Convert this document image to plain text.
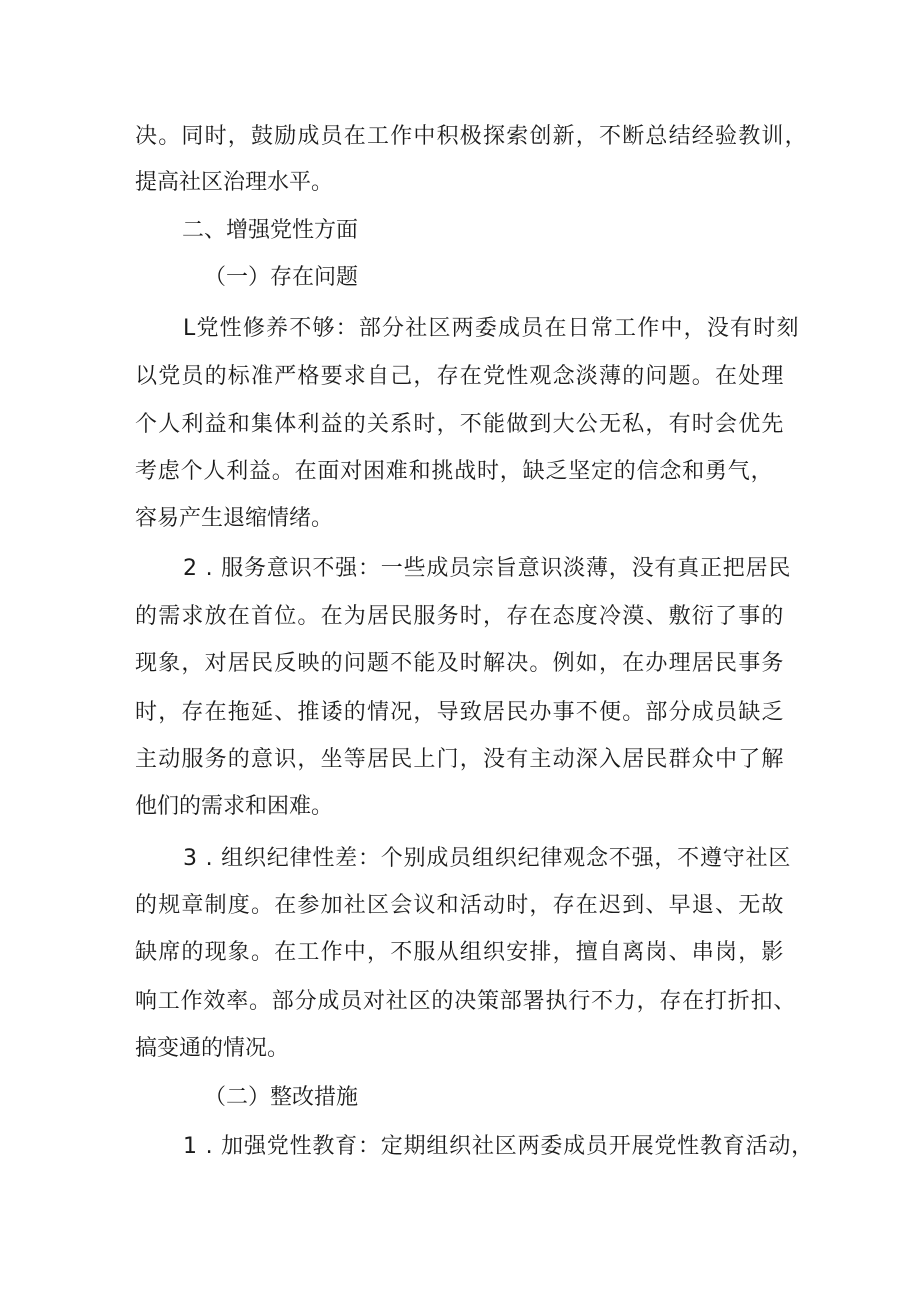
决。同时，鼓励成员在工作中积极探索创新，不断总结经验教训，
提高社区治理水平。
二、增强党性方面
（一）存在问题
L党性修养不够：部分社区两委成员在日常工作中，没有时刻
以党员的标准严格要求自己，存在党性观念淡薄的问题。在处理
个人利益和集体利益的关系时，不能做到大公无私，有时会优先
考虑个人利益。在面对困难和挑战时，缺乏坚定的信念和勇气，
容易产生退缩情绪。
2 . 服务意识不强：一些成员宗旨意识淡薄，没有真正把居民
的需求放在首位。在为居民服务时，存在态度冷漠、敷衍了事的
现象，对居民反映的问题不能及时解决。例如，在办理居民事务
时，存在拖延、推诿的情况，导致居民办事不便。部分成员缺乏
主动服务的意识，坐等居民上门，没有主动深入居民群众中了解
他们的需求和困难。
3 . 组织纪律性差：个别成员组织纪律观念不强，不遵守社区
的规章制度。在参加社区会议和活动时，存在迟到、早退、无故
缺席的现象。在工作中，不服从组织安排，擅自离岗、串岗，影
响工作效率。部分成员对社区的决策部署执行不力，存在打折扣、
搞变通的情况。
（二）整改措施
1 . 加强党性教育：定期组织社区两委成员开展党性教育活动，
